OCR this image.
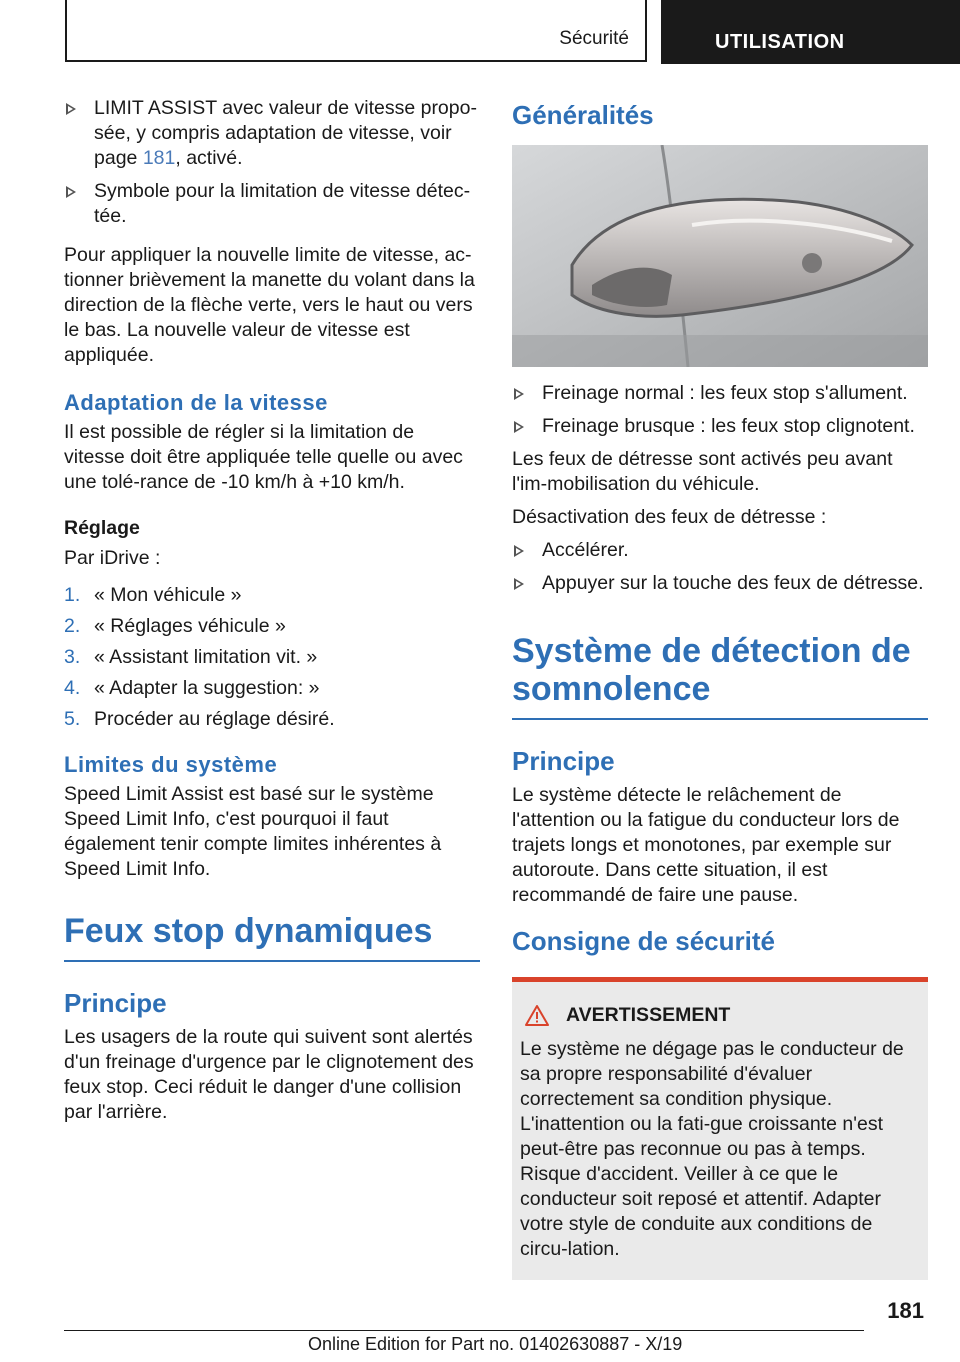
Sécurité	UTILISATION
LIMIT ASSIST avec valeur de vitesse propo‐sée, y compris adaptation de vitesse, voir page 181, activé.
Symbole pour la limitation de vitesse détec‐tée.

Pour appliquer la nouvelle limite de vitesse, ac‐tionner brièvement la manette du volant dans la direction de la flèche verte, vers le haut ou vers le bas. La nouvelle valeur de vitesse est appliquée.

Adaptation de la vitesse

Il est possible de régler si la limitation de vitesse doit être appliquée telle quelle ou avec une tolé‐rance de -10 km/h à +10 km/h.

Réglage

Par iDrive :

1. « Mon véhicule »
2. « Réglages véhicule »
3. « Assistant limitation vit. »
4. « Adapter la suggestion: »
5. Procéder au réglage désiré.
Limites du système

Speed Limit Assist est basé sur le système Speed Limit Info, c'est pourquoi il faut également tenir compte limites inhérentes à Speed Limit Info.

Feux stop dynamiques
Principe

Les usagers de la route qui suivent sont alertés d'un freinage d'urgence par le clignotement des feux stop. Ceci réduit le danger d'une collision par l'arrière.

Généralités
Freinage normal : les feux stop s'allument.
Freinage brusque : les feux stop clignotent.

Les feux de détresse sont activés peu avant l'im‐mobilisation du véhicule.

Désactivation des feux de détresse :

Accélérer.
Appuyer sur la touche des feux de détresse.
Système de détection de somnolence
Principe

Le système détecte le relâchement de l'attention ou la fatigue du conducteur lors de trajets longs et monotones, par exemple sur autoroute. Dans cette situation, il est recommandé de faire une pause.

Consigne de sécurité
AVERTISSEMENT

Le système ne dégage pas le conducteur de sa propre responsabilité d'évaluer correctement sa condition physique. L'inattention ou la fati‐gue croissante n'est peut-être pas reconnue ou pas à temps. Risque d'accident. Veiller à ce que le conducteur soit reposé et attentif. Adapter votre style de conduite aux conditions de circu‐lation.

181
Online Edition for Part no. 01402630887 - X/19
